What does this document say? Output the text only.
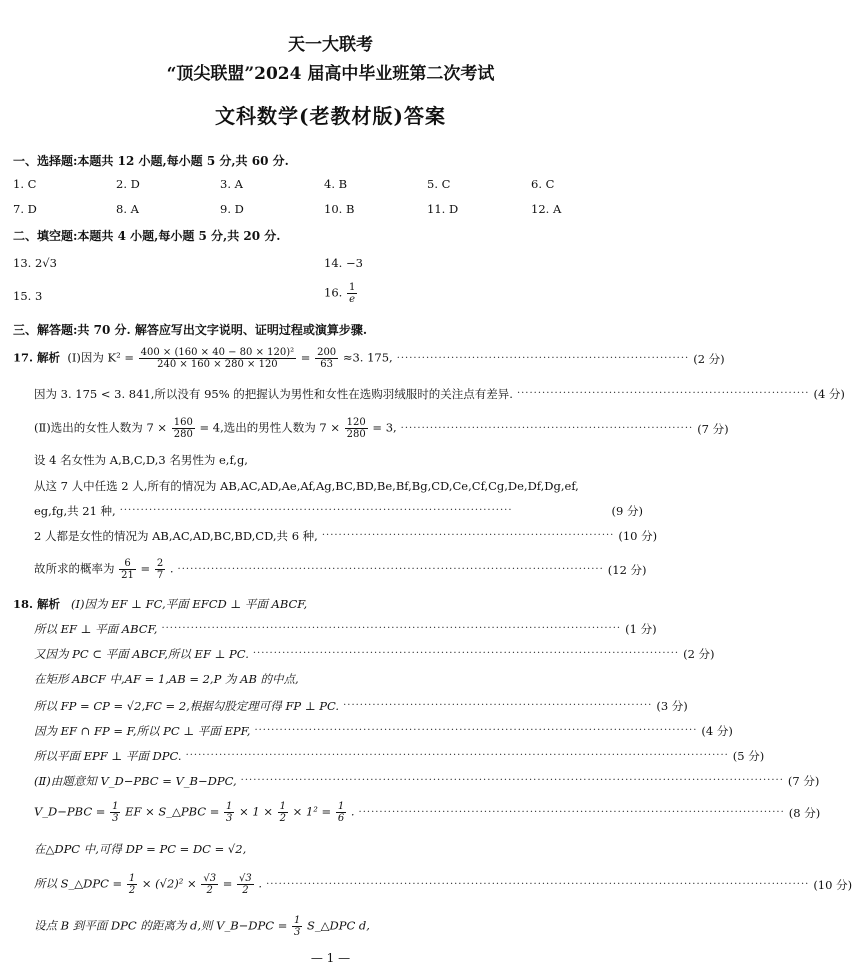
天一大联考
“顶尖联盟”2024 届高中毕业班第二次考试
文科数学(老教材版)答案
一、选择题:本题共 12 小题,每小题 5 分,共 60 分.
1. C	2. D	3. A	4. B	5. C	6. C
7. D	8. A	9. D	10. B	11. D	12. A
二、填空题:本题共 4 小题,每小题 5 分,共 20 分.
13. 2√3	14. −3
15. 3	16. $\frac{1}{e}$
三、解答题:共 70 分. 解答应写出文字说明、证明过程或演算步骤.
17. 解析 (Ⅰ)因为 $K^2 = \frac{\text{400 × (160 × 40 − 80 × 120)²}}{240 \times 160 \times 280 \times 120} = \frac{200}{63} \approx 3$. 175, ······································································ (2 分)
因为 3. 175 < 3. 841,所以没有 95% 的把握认为男性和女性在选购羽绒服时的关注点有差异. ······································································ (4 分)
(Ⅱ)选出的女性人数为 $7 \times \frac{160}{280} = 4$,选出的男性人数为 $7 \times \frac{120}{280} = 3$, ······································································ (7 分)
设 4 名女性为 A,B,C,D,3 名男性为 e,f,g,
从这 7 人中任选 2 人,所有的情况为 AB,AC,AD,Ae,Af,Ag,BC,BD,Be,Bf,Bg,CD,Ce,Cf,Cg,De,Df,Dg,ef,
eg,fg,共 21 种, ······························································································	(9 分)
2 人都是女性的情况为 AB,AC,AD,BC,BD,CD,共 6 种, ······································································ (10 分)
故所求的概率为 $\frac{6}{21} = \frac{2}{7}$ . ······································································································ (12 分)
18. 解析 (Ⅰ)因为 EF ⊥ FC,平面 EFCD ⊥ 平面 ABCF,
所以 EF ⊥ 平面 ABCF, ·············································································································· (1 分)
又因为 PC ⊂ 平面 ABCF,所以 EF ⊥ PC. ······································································································ (2 分)
在矩形 ABCF 中,AF = 1,AB = 2,P 为 AB 的中点,
所以 FP = CP = √2,FC = 2,根据勾股定理可得 FP ⊥ PC. ·········································································· (3 分)
因为 EF ∩ FP = F,所以 PC ⊥ 平面 EPF, ·········································································································· (4 分)
所以平面 EPF ⊥ 平面 DPC. ·································································································································· (5 分)
(Ⅱ)由题意知 V_D−PBC = V_B−DPC, ·································································································································· (7 分)
V_D−PBC = $\frac{1}{3}$ EF × S_△PBC = $\frac{1}{3} \times 1 \times \frac{1}{2} \times 1^2 = \frac{1}{6}$ . ······································································································ (8 分)
在△DPC 中,可得 DP = PC = DC = √2,
所以 S_△DPC = $\frac{1}{2} \times (√2)^2 \times \frac{√3}{2} = \frac{√3}{2}$ . ·································································································································· (10 分)
设点 B 到平面 DPC 的距离为 d,则 V_B−DPC = $\frac{1}{3}$ S_△DPC d,
— 1 —
